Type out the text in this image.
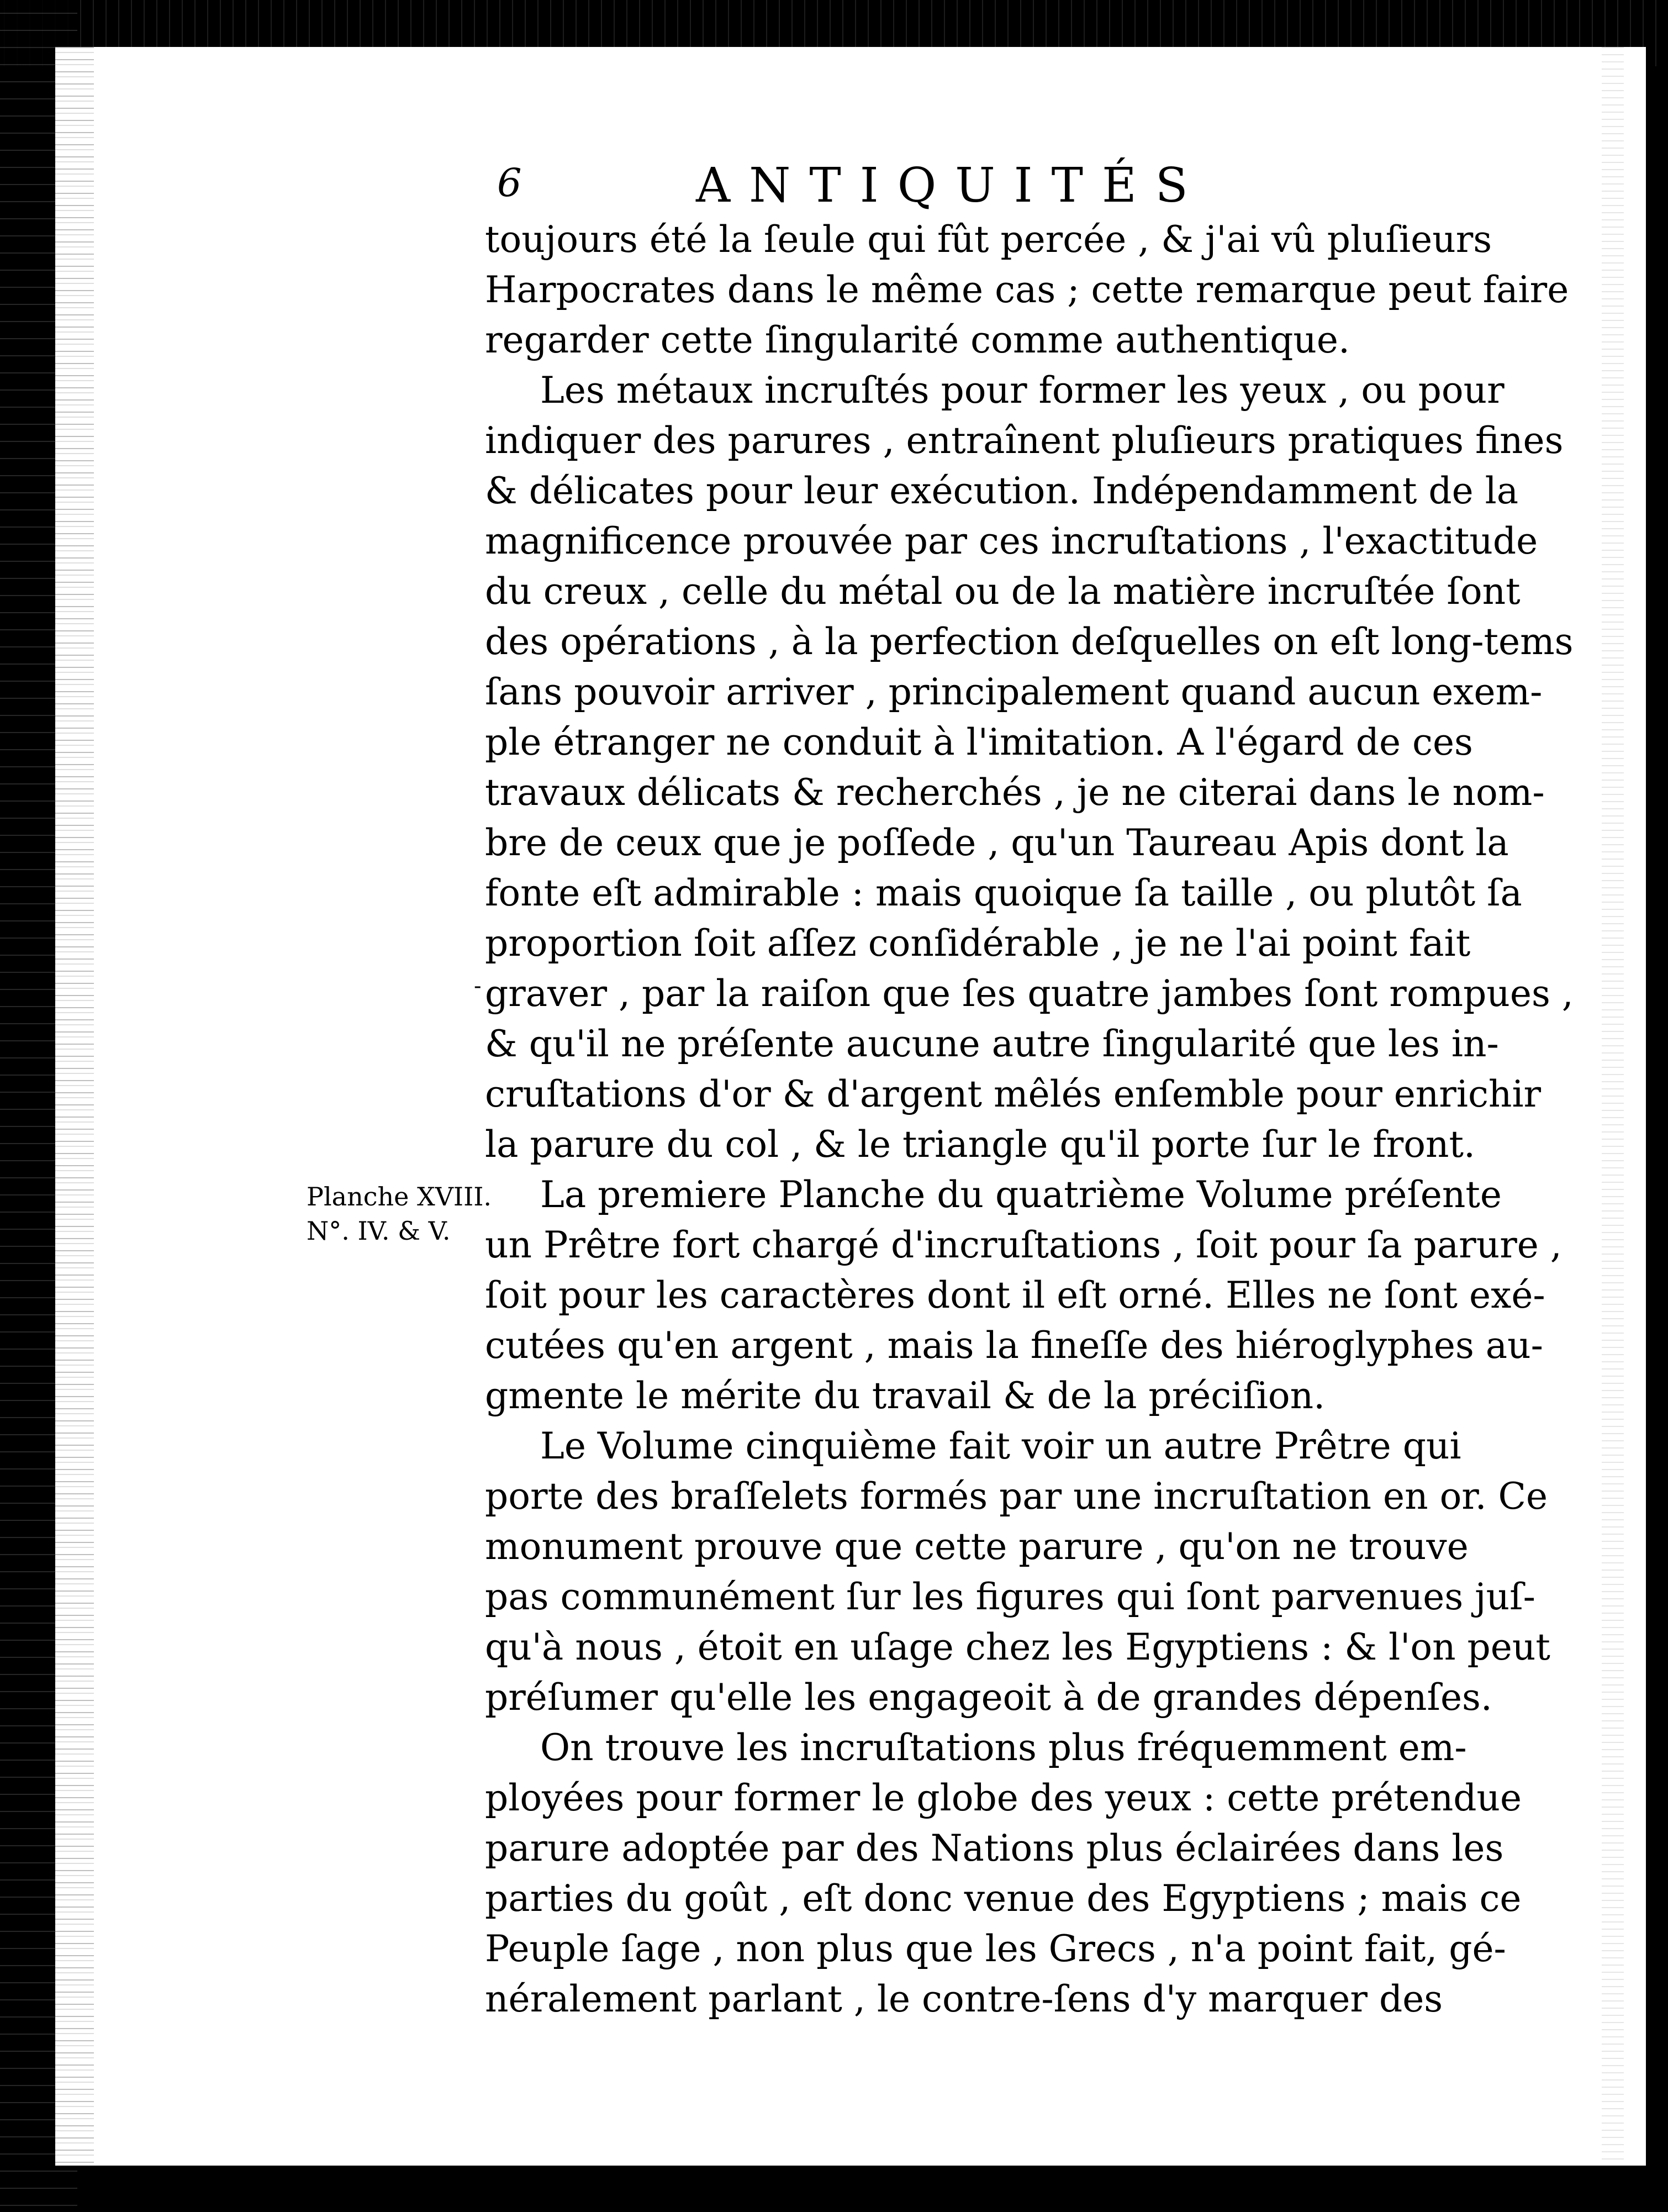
6	ANTIQUITÉS
Planche XVIII.
N°. IV. & V.
-
toujours été la ſeule qui fût percée , & j'ai vû pluſieurs
Harpocrates dans le même cas ; cette remarque peut faire
regarder cette ſingularité comme authentique.
Les métaux incruſtés pour former les yeux , ou pour
indiquer des parures , entraînent pluſieurs pratiques fines
& délicates pour leur exécution. Indépendamment de la
magnificence prouvée par ces incruſtations , l'exactitude
du creux , celle du métal ou de la matière incruſtée ſont
des opérations , à la perfection deſquelles on eſt long-tems
ſans pouvoir arriver , principalement quand aucun exem-
ple étranger ne conduit à l'imitation. A l'égard de ces
travaux délicats & recherchés , je ne citerai dans le nom-
bre de ceux que je poſſede , qu'un Taureau Apis dont la
fonte eſt admirable : mais quoique ſa taille , ou plutôt ſa
proportion ſoit aſſez conſidérable , je ne l'ai point fait
graver , par la raiſon que ſes quatre jambes ſont rompues ,
& qu'il ne préſente aucune autre ſingularité que les in-
cruſtations d'or & d'argent mêlés enſemble pour enrichir
la parure du col , & le triangle qu'il porte ſur le front.
La premiere Planche du quatrième Volume préſente
un Prêtre fort chargé d'incruſtations , ſoit pour ſa parure ,
ſoit pour les caractères dont il eſt orné. Elles ne ſont exé-
cutées qu'en argent , mais la fineſſe des hiéroglyphes au-
gmente le mérite du travail & de la préciſion.
Le Volume cinquième fait voir un autre Prêtre qui
porte des braſſelets formés par une incruſtation en or. Ce
monument prouve que cette parure , qu'on ne trouve
pas communément ſur les figures qui ſont parvenues juſ-
qu'à nous , étoit en uſage chez les Egyptiens : & l'on peut
préſumer qu'elle les engageoit à de grandes dépenſes.
On trouve les incruſtations plus fréquemment em-
ployées pour former le globe des yeux : cette prétendue
parure adoptée par des Nations plus éclairées dans les
parties du goût , eſt donc venue des Egyptiens ; mais ce
Peuple ſage , non plus que les Grecs , n'a point fait, gé-
néralement parlant , le contre-ſens d'y marquer des
